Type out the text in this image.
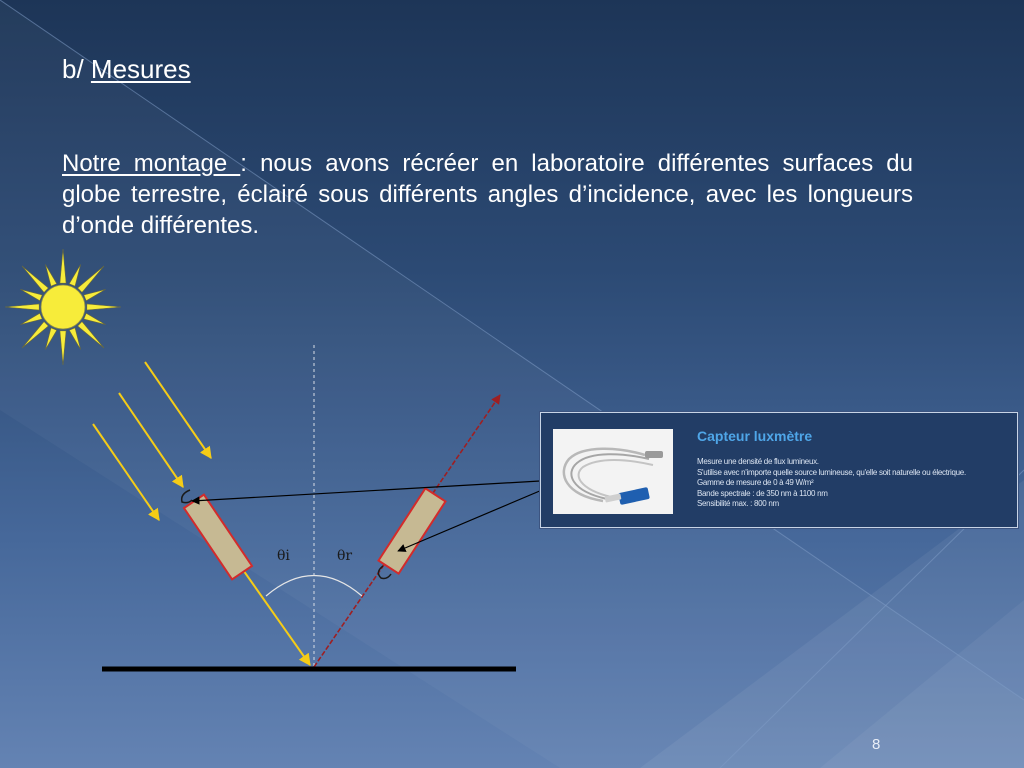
b/ Mesures
Notre montage : nous avons récréer en laboratoire différentes surfaces du globe terrestre, éclairé sous différents angles d’incidence, avec les longueurs d’onde différentes.
θi	θr
Capteur luxmètre
Mesure une densité de flux lumineux.
S'utilise avec n'importe quelle source lumineuse, qu'elle soit naturelle ou électrique.
Gamme de mesure de 0 à 49 W/m²
Bande spectrale : de 350 nm à 1100 nm
Sensibilité max. : 800 nm
8
